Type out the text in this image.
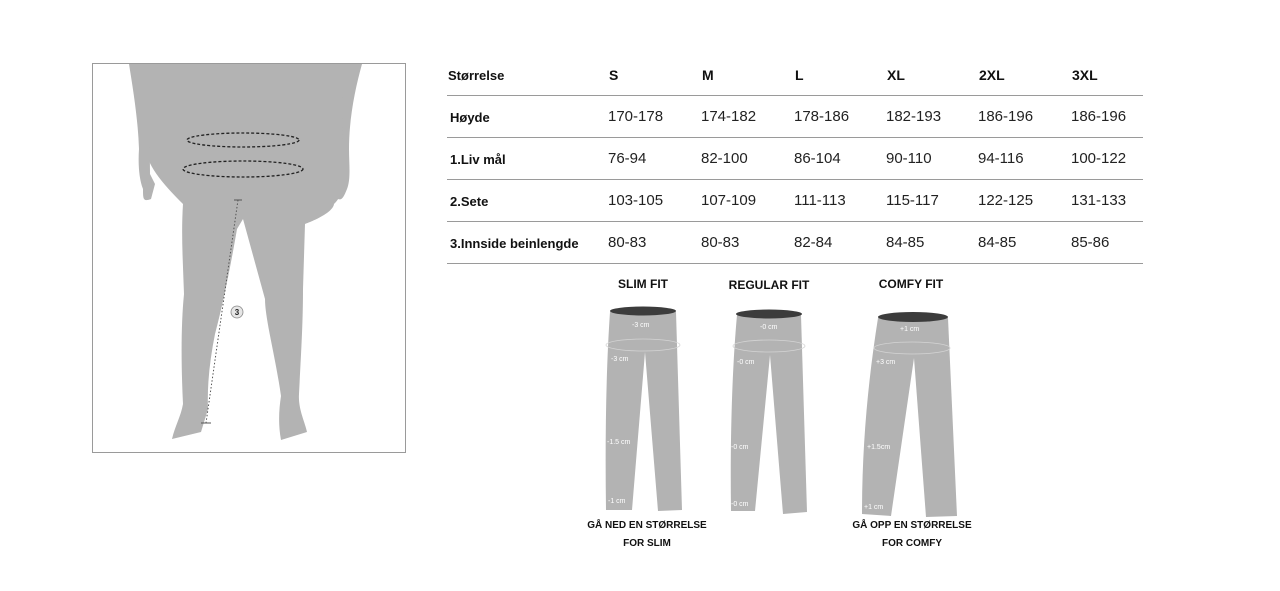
3
Størrelse	S	M	L	XL	2XL	3XL
Høyde	170-178	174-182	178-186	182-193	186-196	186-196
1.Liv mål	76-94	82-100	86-104	90-110	94-116	100-122
2.Sete	103-105	107-109	111-113	115-117	122-125	131-133
3.Innside beinlengde	80-83	80-83	82-84	84-85	84-85	85-86
SLIM FIT	REGULAR FIT	COMFY FIT
GÅ NED EN STØRRELSE
FOR SLIM
GÅ OPP EN STØRRELSE
FOR COMFY
-3 cm
-3 cm
-1.5 cm
-1 cm
-0 cm
-0 cm
-0 cm
-0 cm
+1 cm
+3 cm
+1.5cm
+1 cm
